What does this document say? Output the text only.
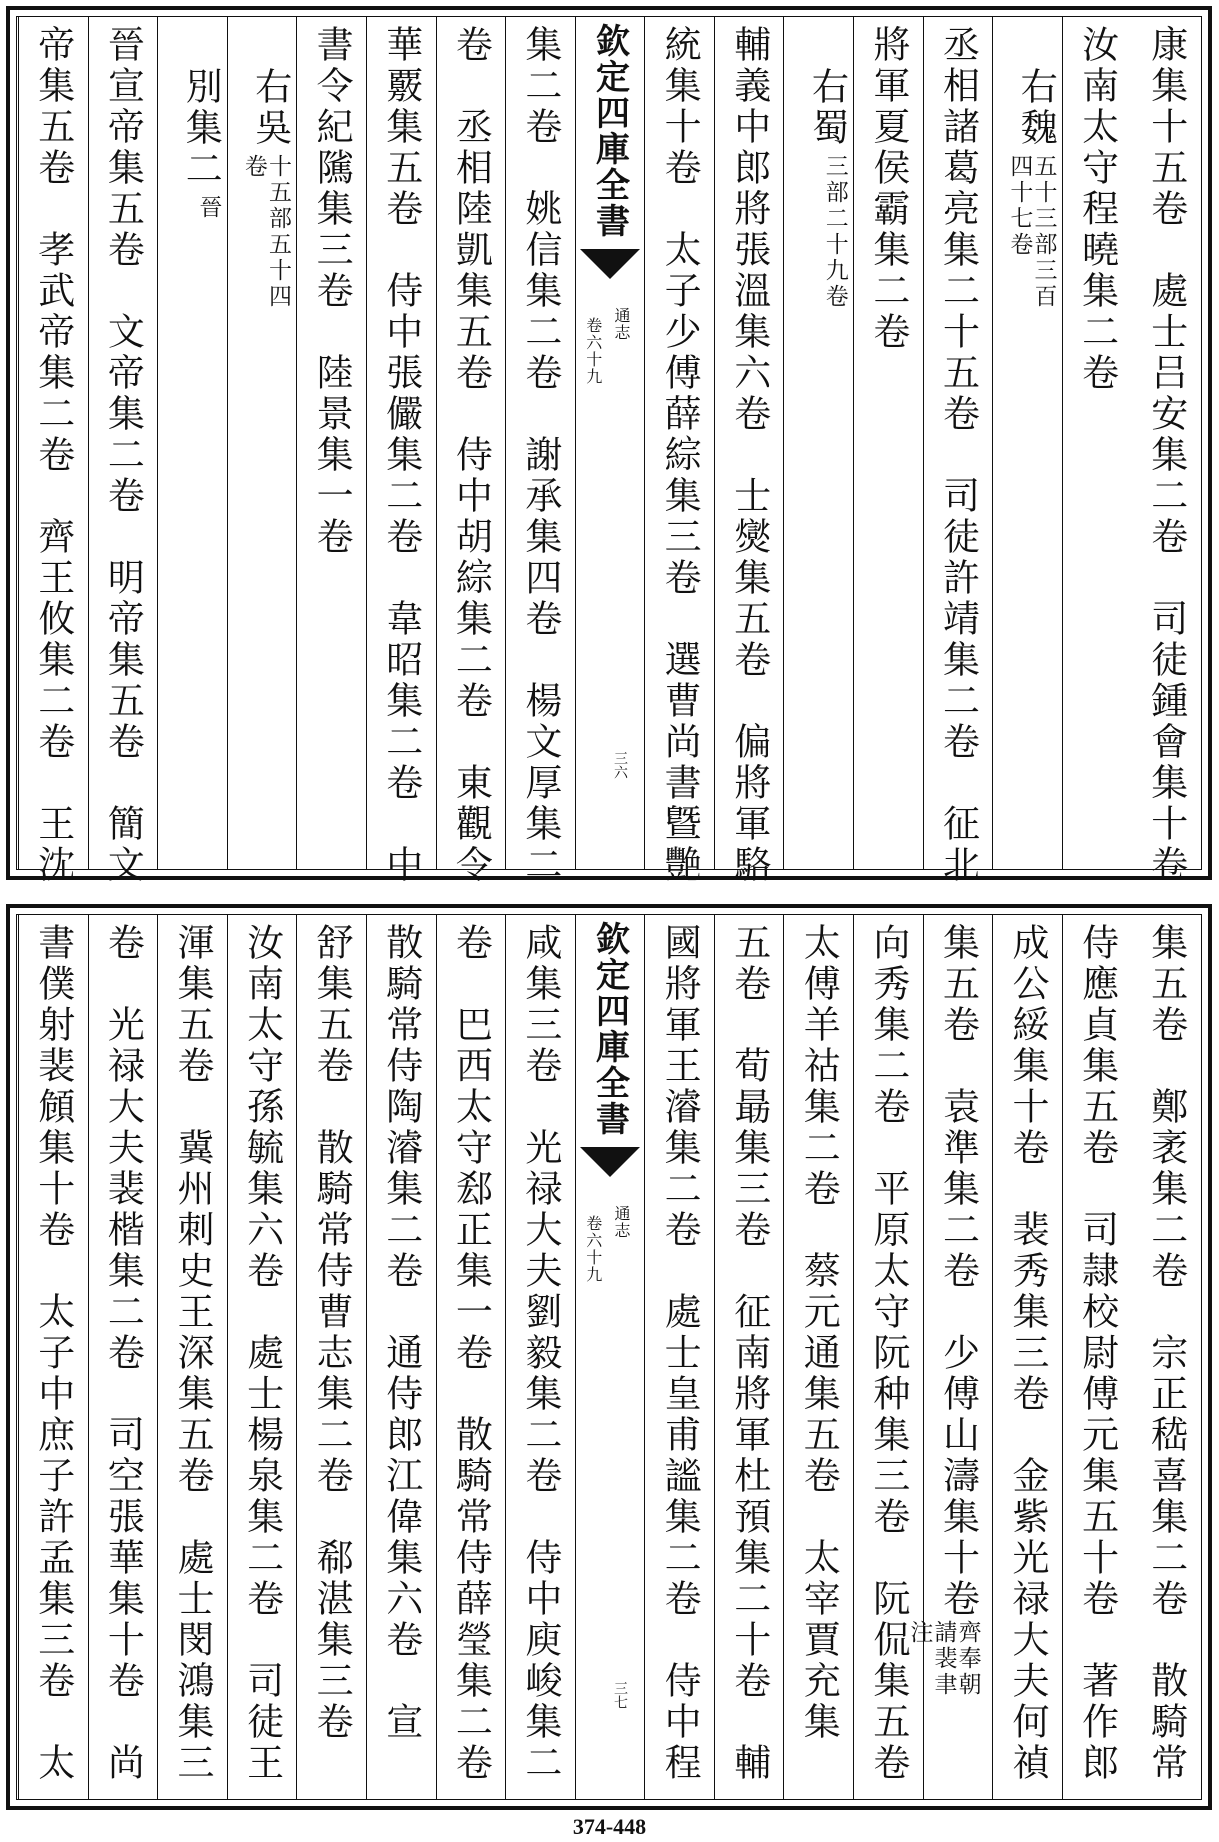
康集十五卷　處士吕安集二卷　司徒鍾會集十卷
汝南太守程曉集二卷
右魏
五十三部三百四十七卷
丞相諸葛亮集二十五卷　司徒許靖集二卷　征北
將軍夏侯霸集二卷
右蜀
三部二十九卷
輔義中郎將張溫集六卷　士爕集五卷　偏將軍駱
統集十卷　太子少傅薛綜集三卷　選曹尚書曁艷
欽定四庫全書
通志
卷六十九
三六
集二卷　姚信集二卷　謝承集四卷　楊文厚集二
卷　丞相陸凱集五卷　侍中胡綜集二卷　東觀令
華覈集五卷　侍中張儼集二卷　韋昭集二卷　中
書令紀隲集三卷　陸景集一卷
右吳
十五部五十四卷
別集二
晉
晉宣帝集五卷　文帝集二卷　明帝集五卷　簡文
帝集五卷　孝武帝集二卷　齊王攸集二卷　王沈
集五卷　鄭袤集二卷　宗正嵇喜集二卷　散騎常
侍應貞集五卷　司隷校尉傅元集五十卷　著作郎
成公綏集十卷　裴秀集三卷　金紫光禄大夫何禎
集五卷　袁準集二卷　少傅山濤集十卷
齊奉朝請裴聿注
向秀集二卷　平原太守阮种集三卷　阮侃集五卷
太傅羊祜集二卷　蔡元通集五卷　太宰賈充集
五卷　荀朂集三卷　征南將軍杜預集二十卷　輔
國將軍王濬集二卷　處士皇甫謐集二卷　侍中程
欽定四庫全書
通志
卷六十九
三七
咸集三卷　光禄大夫劉毅集二卷　侍中庾峻集二
卷　巴西太守郄正集一卷　散騎常侍薛瑩集二卷
散騎常侍陶濬集二卷　通侍郎江偉集六卷　宣
舒集五卷　散騎常侍曹志集二卷　郗湛集三卷
汝南太守孫毓集六卷　處士楊泉集二卷　司徒王
渾集五卷　冀州刺史王深集五卷　處士閔鴻集三
卷　光禄大夫裴楷集二卷　司空張華集十卷　尚
書僕射裴頠集十卷　太子中庶子許孟集三卷　太
374-448
